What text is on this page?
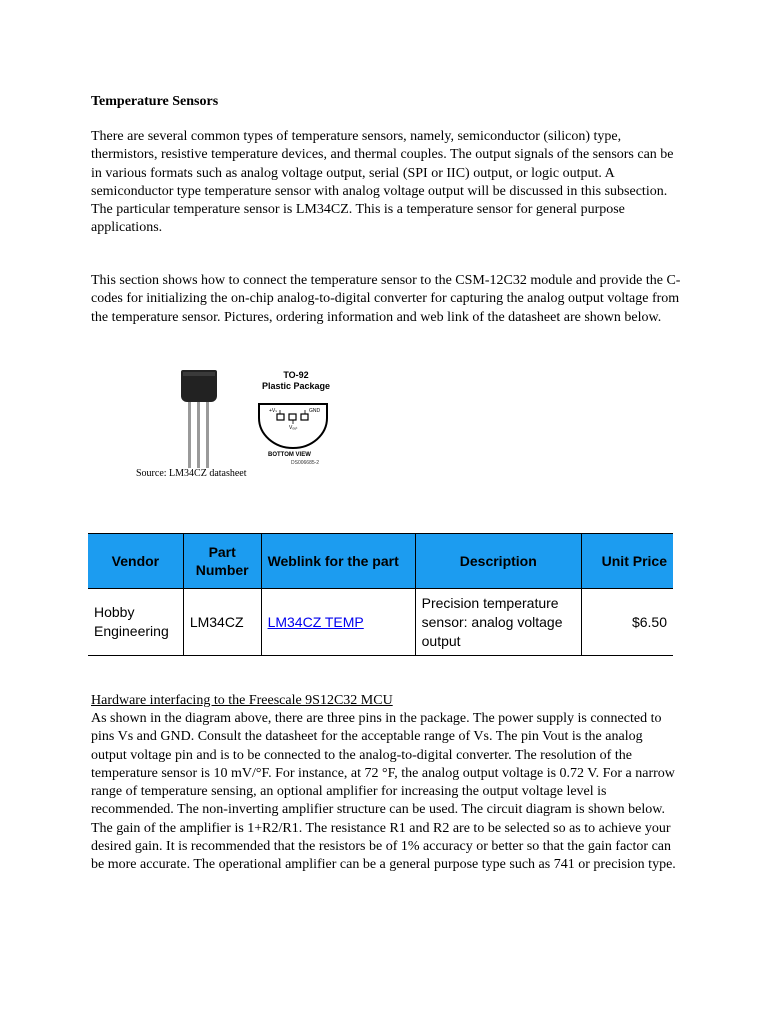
Temperature Sensors

There are several common types of temperature sensors, namely, semiconductor (silicon) type, thermistors, resistive temperature devices, and thermal couples. The output signals of the sensors can be in various formats such as analog voltage output, serial (SPI or IIC) output, or logic output. A semiconductor type temperature sensor with analog voltage output will be discussed in this subsection. The particular temperature sensor is LM34CZ. This is a temperature sensor for general purpose applications.

This section shows how to connect the temperature sensor to the CSM-12C32 module and provide the C-codes for initializing the on-chip analog-to-digital converter for capturing the analog output voltage from the temperature sensor. Pictures, ordering information and web link of the datasheet are shown below.

TO-92
Plastic Package
+Vₛ	GND
Vₒᵤₜ
BOTTOM VIEW
DS006685-2
Source: LM34CZ datasheet
Vendor	Part Number	Weblink for the part	Description	Unit Price
Hobby Engineering	LM34CZ	LM34CZ TEMP	Precision temperature sensor: analog voltage output	$6.50

Hardware interfacing to the Freescale 9S12C32 MCU

As shown in the diagram above, there are three pins in the package. The power supply is connected to pins Vs and GND. Consult the datasheet for the acceptable range of Vs. The pin Vout is the analog output voltage pin and is to be connected to the analog-to-digital converter. The resolution of the temperature sensor is 10 mV/°F. For instance, at 72 °F, the analog output voltage is 0.72 V. For a narrow range of temperature sensing, an optional amplifier for increasing the output voltage level is recommended. The non-inverting amplifier structure can be used. The circuit diagram is shown below. The gain of the amplifier is 1+R2/R1. The resistance R1 and R2 are to be selected so as to achieve your desired gain. It is recommended that the resistors be of 1% accuracy or better so that the gain factor can be more accurate. The operational amplifier can be a general purpose type such as 741 or precision type.
